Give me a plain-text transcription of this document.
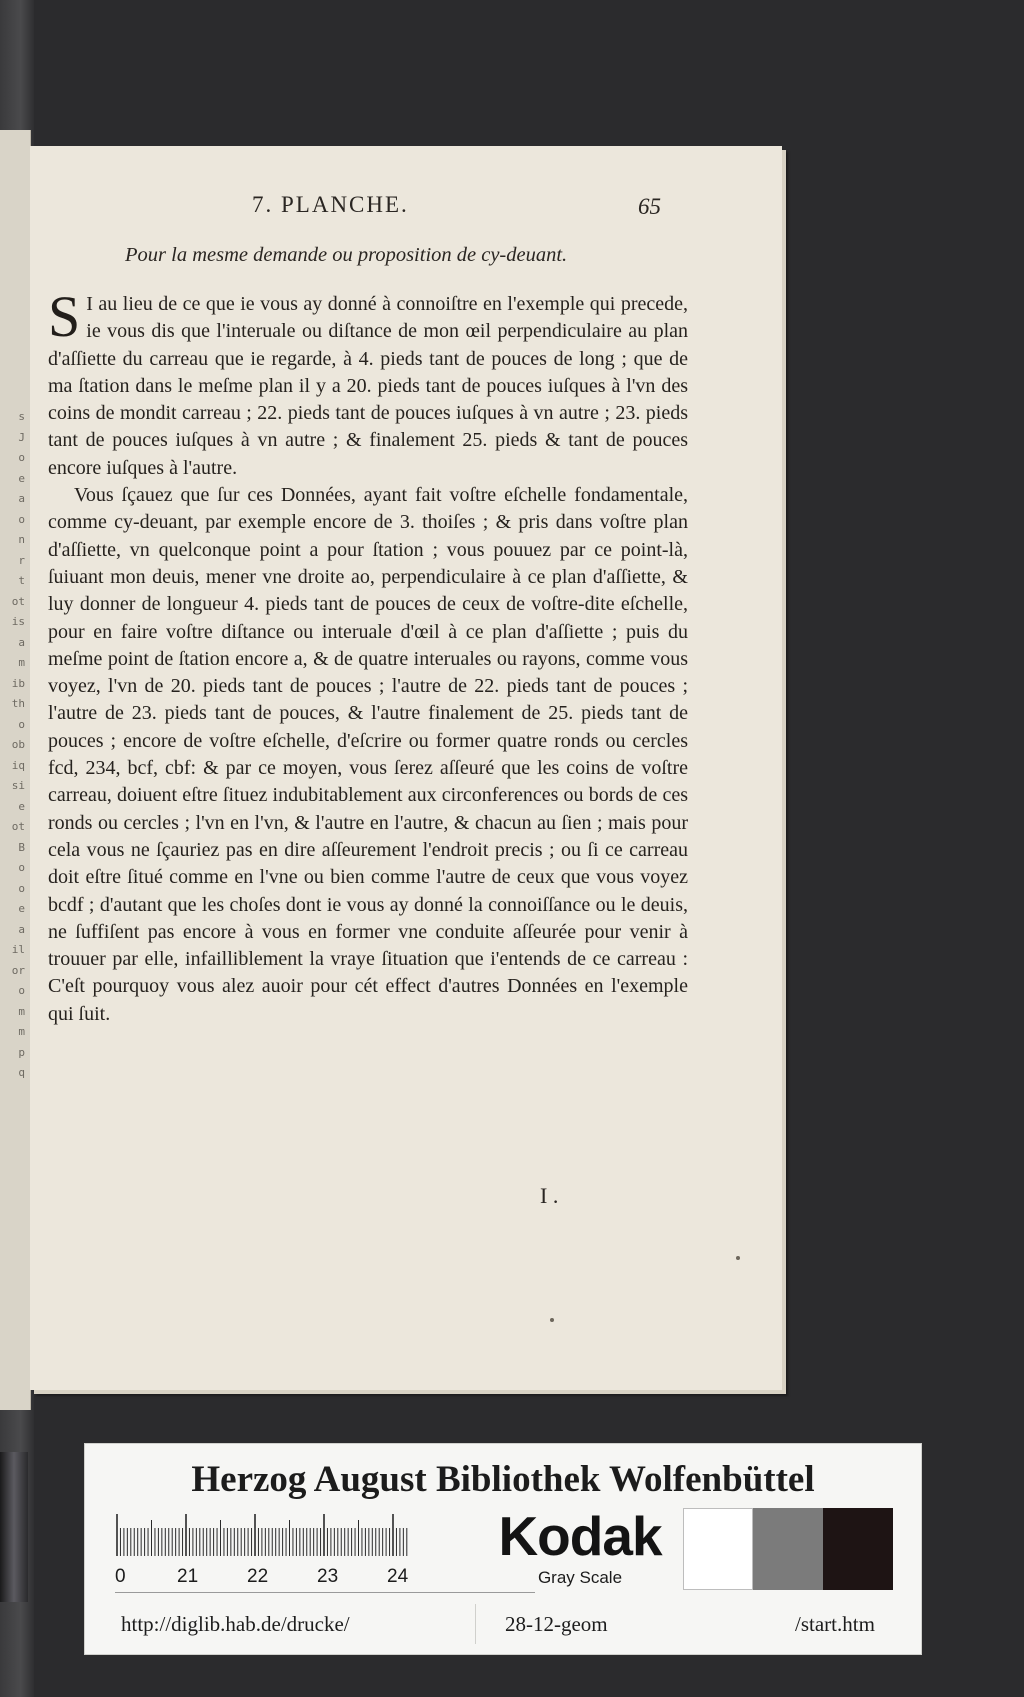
s
J
o
e
a
o
n
r
t
ot
is
a
m
ib
th
o
ob
iq
si
e
ot
B
o
o
e
a
il
or
o
m
m
p
q
7. PLANCHE.	65
Pour la mesme demande ou proposition de cy-deuant.

S I au lieu de ce que ie vous ay donné à connoiſtre en l'exemple qui precede, ie vous dis que l'interuale ou diſtance de mon œil perpendiculaire au plan d'aſſiette du carreau que ie regarde, à 4. pieds tant de pouces de long ; que de ma ſtation dans le meſme plan il y a 20. pieds tant de pouces iuſques à l'vn des coins de mondit carreau ; 22. pieds tant de pouces iuſques à vn autre ; 23. pieds tant de pouces iuſques à vn autre ; & finalement 25. pieds & tant de pouces encore iuſques à l'autre.

Vous ſçauez que ſur ces Données, ayant fait voſtre eſchelle fondamentale, comme cy-deuant, par exemple encore de 3. thoiſes ; & pris dans voſtre plan d'aſſiette, vn quelconque point a pour ſtation ; vous pouuez par ce point-là, ſuiuant mon deuis, mener vne droite ao, perpendiculaire à ce plan d'aſſiette, & luy donner de longueur 4. pieds tant de pouces de ceux de voſtre-dite eſchelle, pour en faire voſtre diſtance ou interuale d'œil à ce plan d'aſſiette ; puis du meſme point de ſtation encore a, & de quatre interuales ou rayons, comme vous voyez, l'vn de 20. pieds tant de pouces ; l'autre de 22. pieds tant de pouces ; l'autre de 23. pieds tant de pouces, & l'autre finalement de 25. pieds tant de pouces ; encore de voſtre eſchelle, d'eſcrire ou former quatre ronds ou cercles fcd, 234, bcf, cbf: & par ce moyen, vous ſerez aſſeuré que les coins de voſtre carreau, doiuent eſtre ſituez indubitablement aux circonferences ou bords de ces ronds ou cercles ; l'vn en l'vn, & l'autre en l'autre, & chacun au ſien ; mais pour cela vous ne ſçauriez pas en dire aſſeurement l'endroit precis ; ou ſi ce carreau doit eſtre ſitué comme en l'vne ou bien comme l'autre de ceux que vous voyez bcdf ; d'autant que les choſes dont ie vous ay donné la connoiſſance ou le deuis, ne ſuffiſent pas encore à vous en former vne conduite aſſeurée pour venir à trouuer par elle, infailliblement la vraye ſituation que i'entends de ce carreau : C'eſt pourquoy vous alez auoir pour cét effect d'autres Données en l'exemple qui ſuit.

I .
Herzog August Bibliothek Wolfenbüttel
0	21	22	23	24
Kodak
Gray Scale
http://diglib.hab.de/drucke/	28-12-geom	/start.htm
